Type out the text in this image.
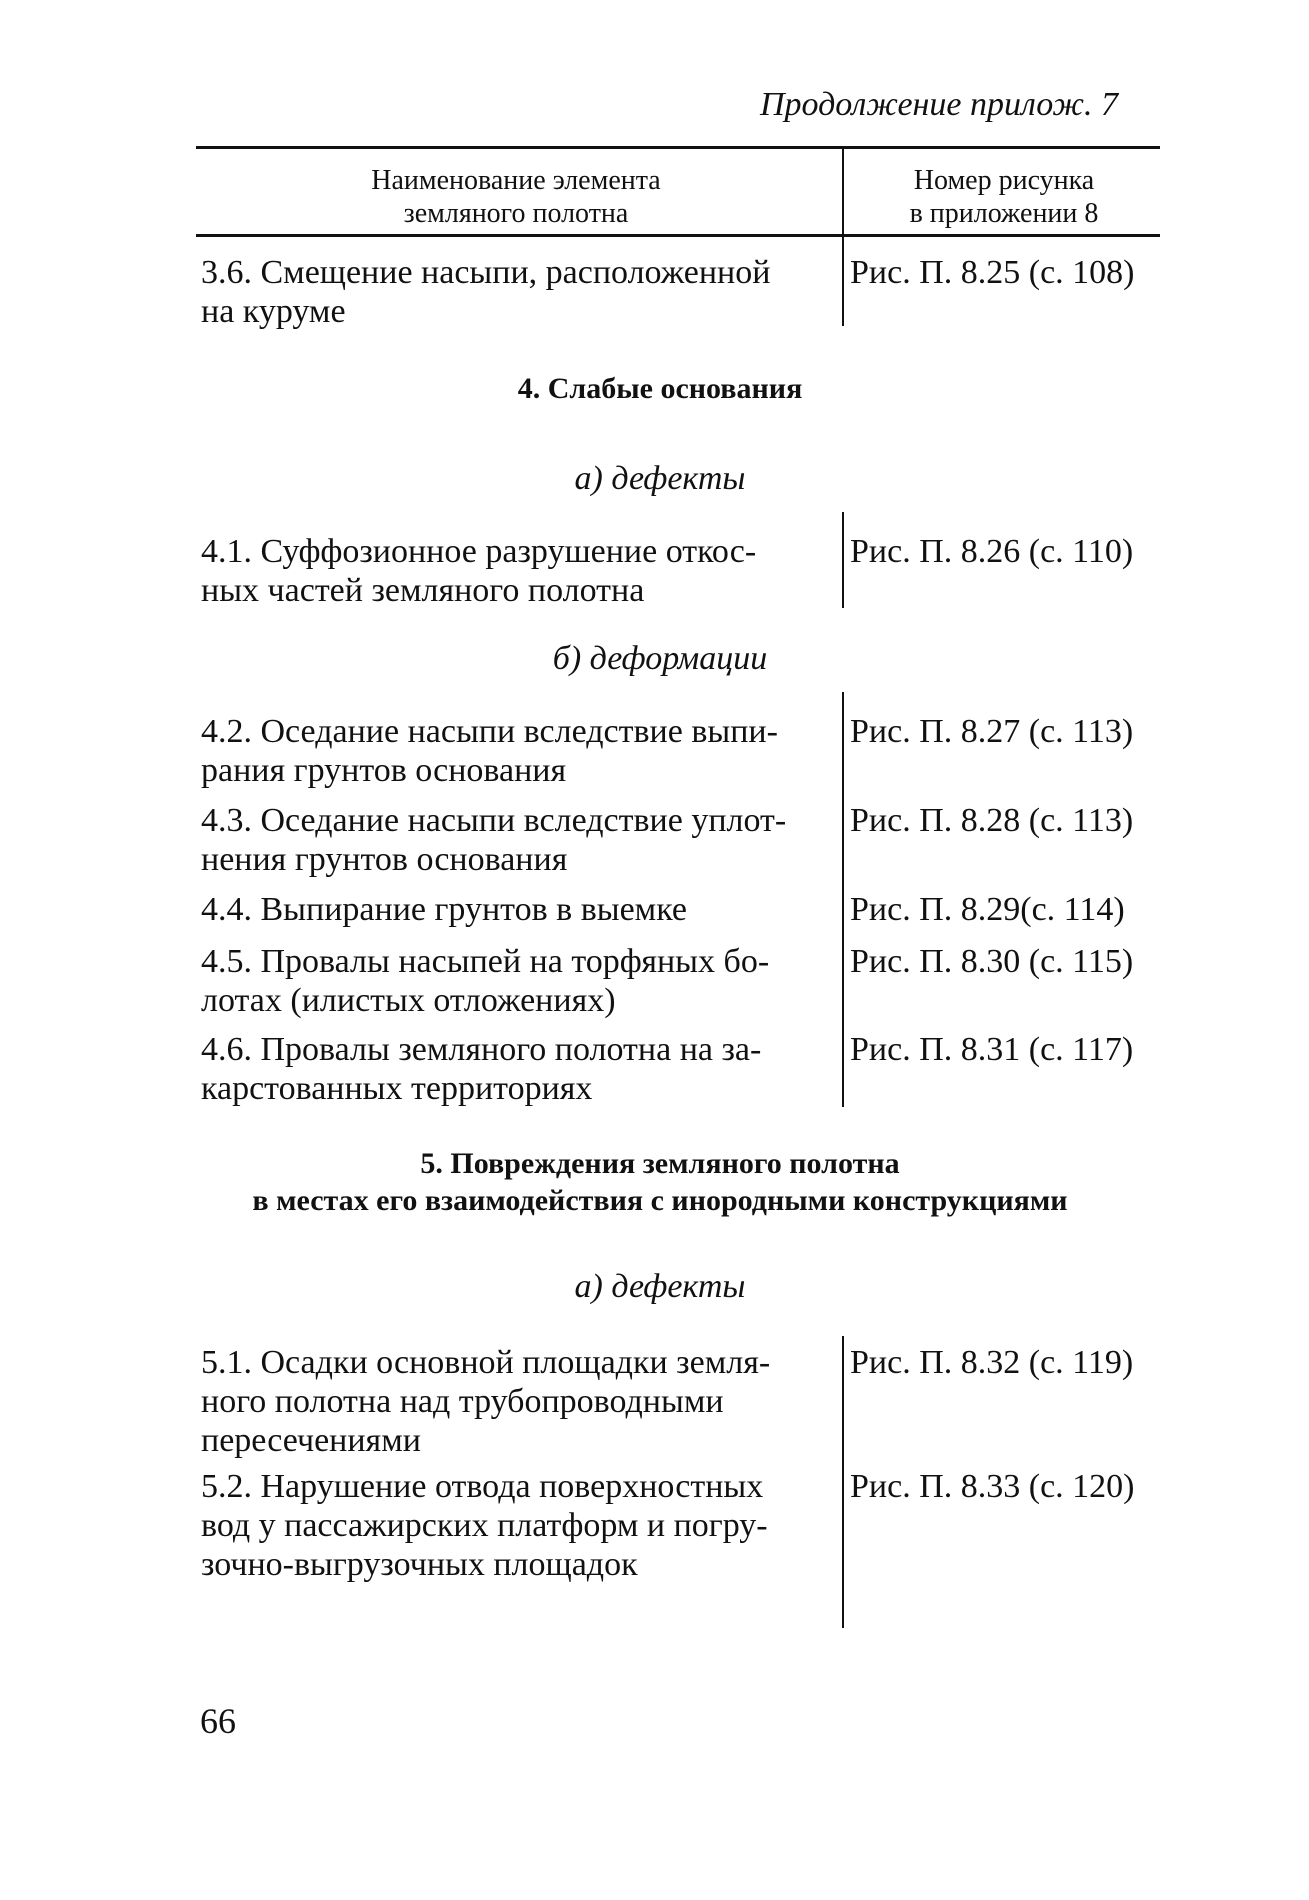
Продолжение прилож. 7
Наименование элемента
земляного полотна
Номер рисунка
в приложении 8
3.6. Смещение насыпи, расположенной
на куруме
Рис. П. 8.25 (с. 108)
4. Слабые основания
а) дефекты
4.1. Суффозионное разрушение откос-
ных частей земляного полотна
Рис. П. 8.26 (с. 110)
б) деформации
4.2. Оседание насыпи вследствие выпи-
рания грунтов основания
Рис. П. 8.27 (с. 113)
4.3. Оседание насыпи вследствие уплот-
нения грунтов основания
Рис. П. 8.28 (с. 113)
4.4. Выпирание грунтов в выемке	Рис. П. 8.29(с. 114)
4.5. Провалы насыпей на торфяных бо-
лотах (илистых отложениях)
Рис. П. 8.30 (с. 115)
4.6. Провалы земляного полотна на за-
карстованных территориях
Рис. П. 8.31 (с. 117)
5. Повреждения земляного полотна
в местах его взаимодействия с инородными конструкциями
а) дефекты
5.1. Осадки основной площадки земля-
ного полотна над трубопроводными
пересечениями
Рис. П. 8.32 (с. 119)
5.2. Нарушение отвода поверхностных
вод у пассажирских платформ и погру-
зочно-выгрузочных площадок
Рис. П. 8.33 (с. 120)
66
